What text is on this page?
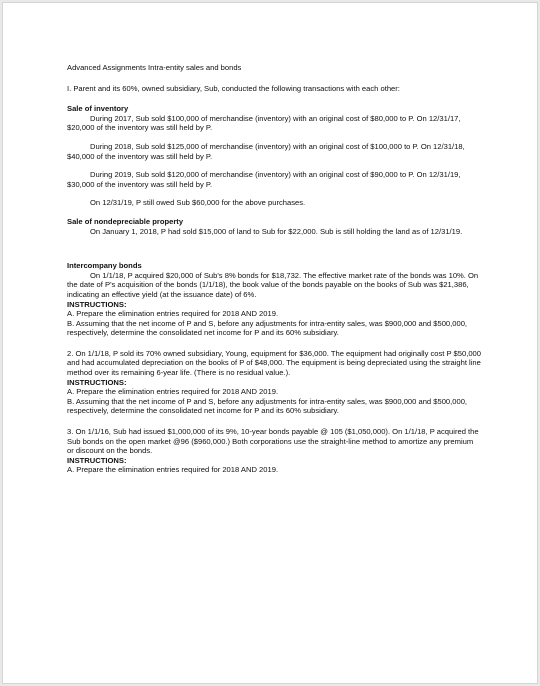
Advanced Assignments Intra-entity sales and bonds

I. Parent and its 60%, owned subsidiary, Sub, conducted the following transactions with each other:

Sale of inventory

During 2017, Sub sold $100,000 of merchandise (inventory) with an original cost of $80,000 to P. On 12/31/17, $20,000 of the inventory was still held by P.

During 2018, Sub sold $125,000 of merchandise (inventory) with an original cost of $100,000 to P. On 12/31/18, $40,000 of the inventory was still held by P.

During 2019, Sub sold $120,000 of merchandise (inventory) with an original cost of $90,000 to P. On 12/31/19, $30,000 of the inventory was still held by P.

On 12/31/19, P still owed Sub $60,000 for the above purchases.

Sale of nondepreciable property

On January 1, 2018, P had sold $15,000 of land to Sub for $22,000. Sub is still holding the land as of 12/31/19.

Intercompany bonds

On 1/1/18, P acquired $20,000 of Sub's 8% bonds for $18,732. The effective market rate of the bonds was 10%. On the date of P's acquisition of the bonds (1/1/18), the book value of the bonds payable on the books of Sub was $21,386, indicating an effective yield (at the issuance date) of 6%.

INSTRUCTIONS:

A. Prepare the elimination entries required for 2018 AND 2019.

B. Assuming that the net income of P and S, before any adjustments for intra-entity sales, was $900,000 and $500,000, respectively, determine the consolidated net income for P and its 60% subsidiary.

2. On 1/1/18, P sold its 70% owned subsidiary, Young, equipment for $36,000. The equipment had originally cost P $50,000 and had accumulated depreciation on the books of P of $48,000. The equipment is being depreciated using the straight line method over its remaining 6-year life. (There is no residual value.).

INSTRUCTIONS:

A. Prepare the elimination entries required for 2018 AND 2019.

B. Assuming that the net income of P and S, before any adjustments for intra-entity sales, was $900,000 and $500,000, respectively, determine the consolidated net income for P and its 60% subsidiary.

3. On 1/1/16, Sub had issued $1,000,000 of its 9%, 10-year bonds payable @ 105 ($1,050,000). On 1/1/18, P acquired the Sub bonds on the open market @96 ($960,000.) Both corporations use the straight-line method to amortize any premium or discount on the bonds.

INSTRUCTIONS:

A. Prepare the elimination entries required for 2018 AND 2019.
